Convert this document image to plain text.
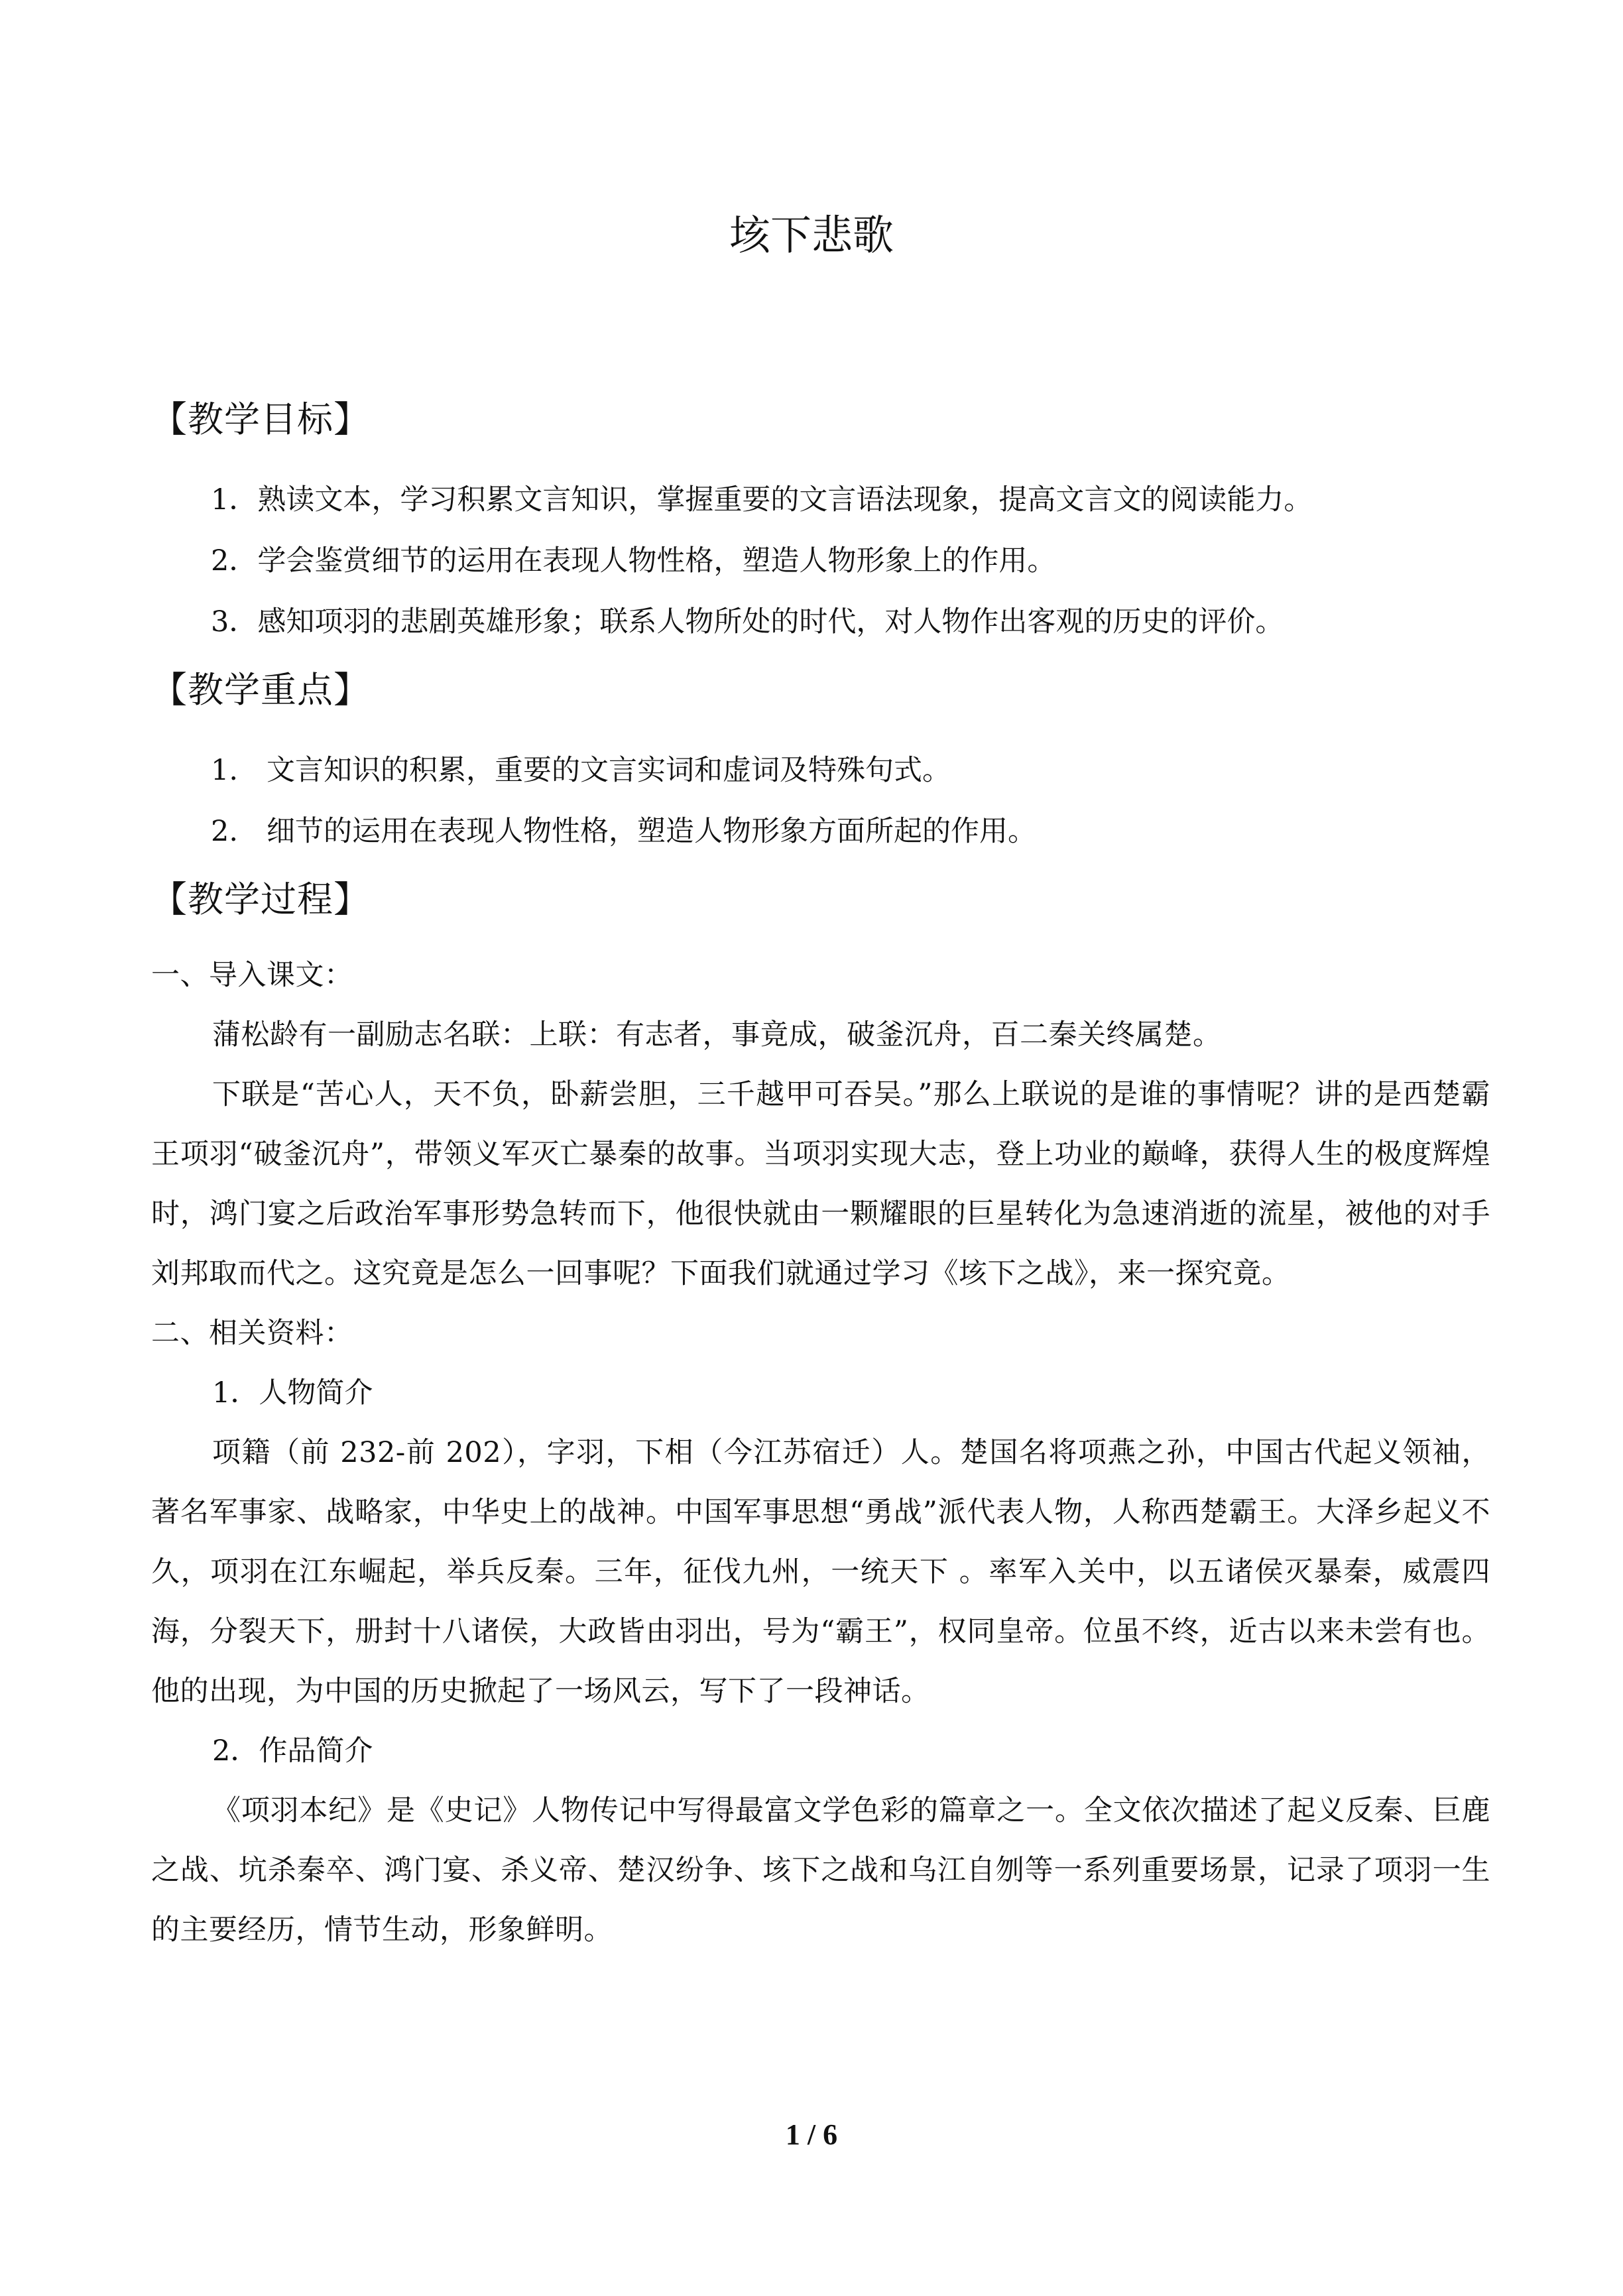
垓下悲歌
【教学目标】
1．熟读文本，学习积累文言知识，掌握重要的文言语法现象，提高文言文的阅读能力。
2．学会鉴赏细节的运用在表现人物性格，塑造人物形象上的作用。
3．感知项羽的悲剧英雄形象；联系人物所处的时代，对人物作出客观的历史的评价。
【教学重点】
1.　文言知识的积累，重要的文言实词和虚词及特殊句式。
2.　细节的运用在表现人物性格，塑造人物形象方面所起的作用。
【教学过程】

一、导入课文：

蒲松龄有一副励志名联：上联：有志者，事竟成，破釜沉舟，百二秦关终属楚。

下联是“苦心人，天不负，卧薪尝胆，三千越甲可吞吴。”那么上联说的是谁的事情呢？讲的是西楚霸王项羽“破釜沉舟”，带领义军灭亡暴秦的故事。当项羽实现大志，登上功业的巅峰，获得人生的极度辉煌时，鸿门宴之后政治军事形势急转而下，他很快就由一颗耀眼的巨星转化为急速消逝的流星，被他的对手刘邦取而代之。这究竟是怎么一回事呢？下面我们就通过学习《垓下之战》，来一探究竟。

二、相关资料：

1．人物简介

项籍（前 232-前 202），字羽，下相（今江苏宿迁）人。楚国名将项燕之孙，中国古代起义领袖，著名军事家、战略家，中华史上的战神。中国军事思想“勇战”派代表人物，人称西楚霸王。大泽乡起义不久，项羽在江东崛起，举兵反秦。三年，征伐九州，一统天下 。率军入关中，以五诸侯灭暴秦，威震四海，分裂天下，册封十八诸侯，大政皆由羽出，号为“霸王”，权同皇帝。位虽不终，近古以来未尝有也。他的出现，为中国的历史掀起了一场风云，写下了一段神话。

2．作品简介

《项羽本纪》是《史记》人物传记中写得最富文学色彩的篇章之一。全文依次描述了起义反秦、巨鹿之战、坑杀秦卒、鸿门宴、杀义帝、楚汉纷争、垓下之战和乌江自刎等一系列重要场景，记录了项羽一生的主要经历，情节生动，形象鲜明。

1 / 6
